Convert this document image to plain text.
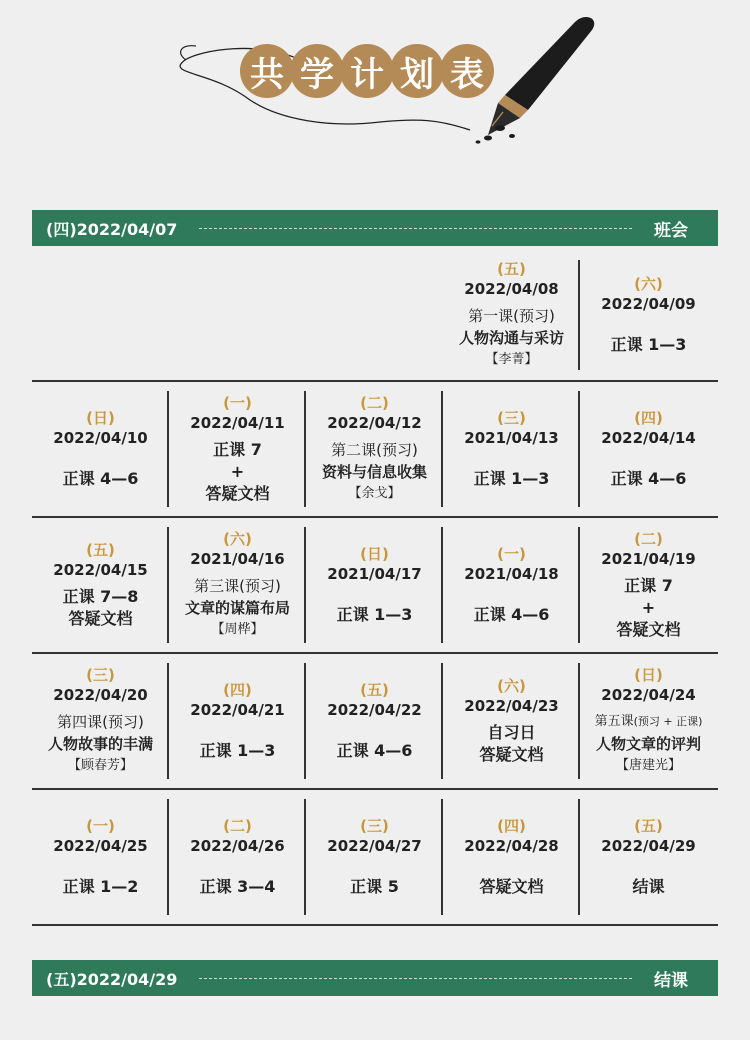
共 学 计 划 表
(四)2022/04/07	班会
(五)
2022/04/08
第一课(预习)
人物沟通与采访
【李菁】
(六)
2022/04/09
正课 1—3
(日)
2022/04/10
正课 4—6
(一)
2022/04/11
正课 7
+
答疑文档
(二)
2022/04/12
第二课(预习)
资料与信息收集
【余戈】
(三)
2021/04/13
正课 1—3
(四)
2022/04/14
正课 4—6
(五)
2022/04/15
正课 7—8
答疑文档
(六)
2021/04/16
第三课(预习)
文章的谋篇布局
【周桦】
(日)
2021/04/17
正课 1—3
(一)
2021/04/18
正课 4—6
(二)
2021/04/19
正课 7
+
答疑文档
(三)
2022/04/20
第四课(预习)
人物故事的丰满
【顾春芳】
(四)
2022/04/21
正课 1—3
(五)
2022/04/22
正课 4—6
(六)
2022/04/23
自习日
答疑文档
(日)
2022/04/24
第五课(预习 + 正课)
人物文章的评判
【唐建光】
(一)
2022/04/25
正课 1—2
(二)
2022/04/26
正课 3—4
(三)
2022/04/27
正课 5
(四)
2022/04/28
答疑文档
(五)
2022/04/29
结课
(五)2022/04/29	结课
